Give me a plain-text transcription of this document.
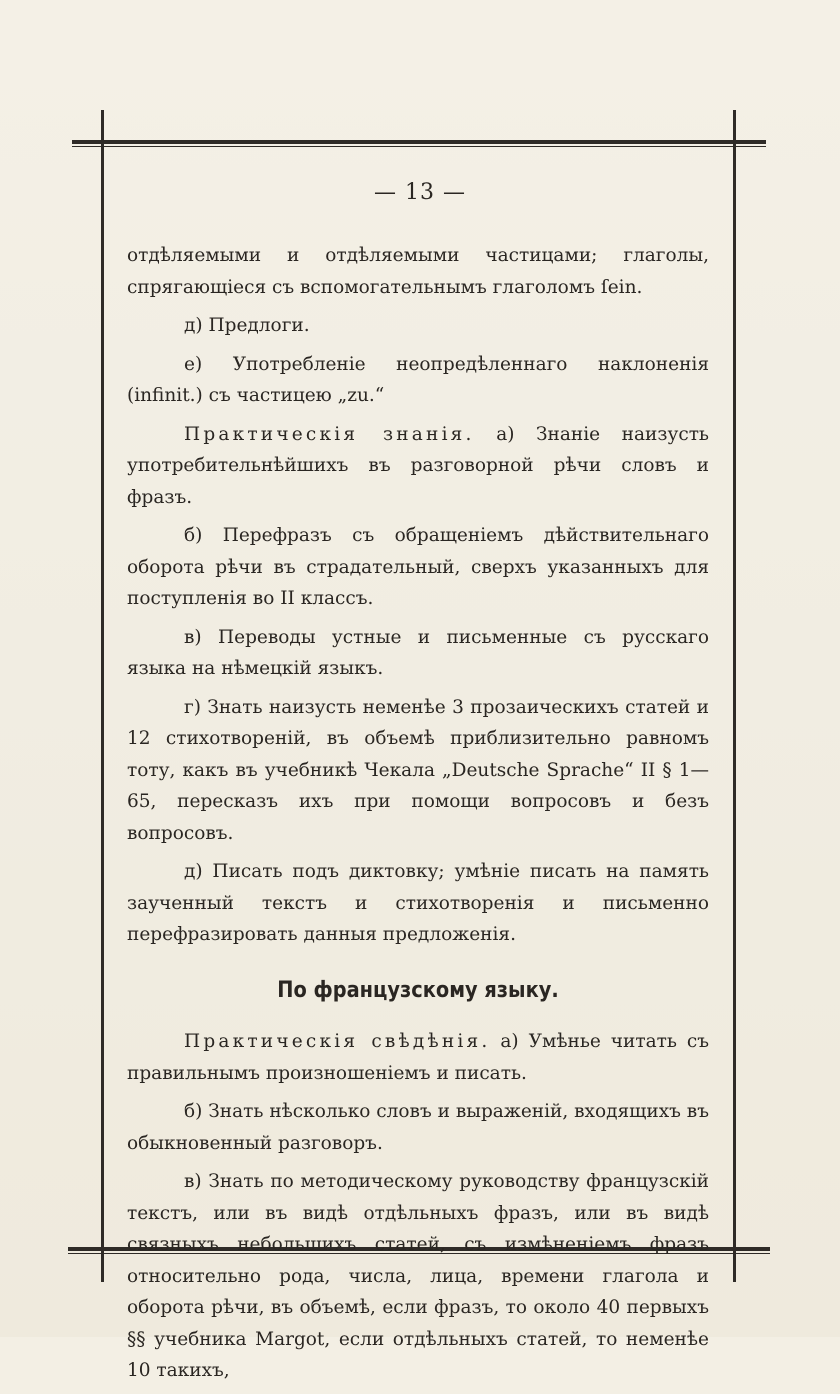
— 13 —

отдѣляемыми и отдѣляемыми частицами; глаголы, спрягающіеся съ вспомогательнымъ глаголомъ ſein.

д) Предлоги.

е) Употребленіе неопредѣленнаго наклоненія (infinit.) съ частицею „zu.“

Практическія знанія. а) Знаніе наизусть употребительнѣйшихъ въ разговорной рѣчи словъ и фразъ.

б) Перефразъ съ обращеніемъ дѣйствительнаго оборота рѣчи въ страдательный, сверхъ указанныхъ для поступленія во II классъ.

в) Переводы устные и письменные съ русскаго языка на нѣмецкій языкъ.

г) Знать наизусть неменѣе 3 прозаическихъ статей и 12 стихотвореній, въ объемѣ приблизительно равномъ тоту, какъ въ учебникѣ Чекала „Deutsche Sprache“ II § 1—65, пересказъ ихъ при помощи вопросовъ и безъ вопросовъ.

д) Писать подъ диктовку; умѣніе писать на память заученный текстъ и стихотворенія и письменно перефразировать данныя предложенія.

По французскому языку.

Практическія свѣдѣнія. а) Умѣнье читать съ правильнымъ произношеніемъ и писать.

б) Знать нѣсколько словъ и выраженій, входящихъ въ обыкновенный разговоръ.

в) Знать по методическому руководству французскій текстъ, или въ видѣ отдѣльныхъ фразъ, или въ видѣ связныхъ небольшихъ статей, съ измѣненіемъ фразъ относительно рода, числа, лица, времени глагола и оборота рѣчи, въ объемѣ, если фразъ, то около 40 первыхъ §§ учебника Margot, если отдѣльныхъ статей, то неменѣе 10 такихъ,
